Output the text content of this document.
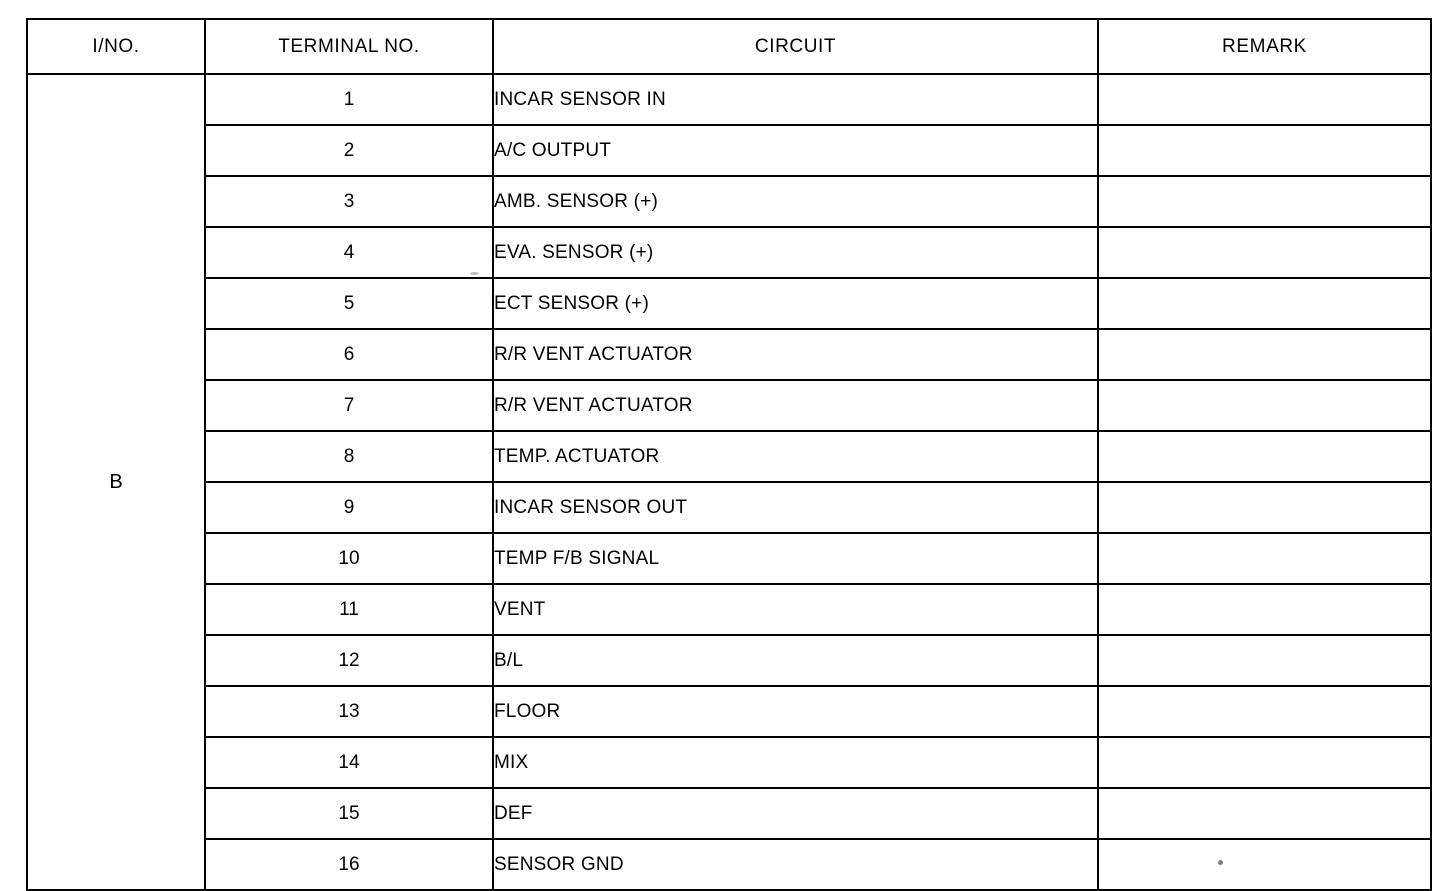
I/NO.	TERMINAL NO.	CIRCUIT	REMARK
B	1	INCAR SENSOR IN	
	2	A/C OUTPUT	
	3	AMB. SENSOR (+)	
	4	EVA. SENSOR (+)	
	5	ECT SENSOR (+)	
	6	R/R VENT ACTUATOR	
	7	R/R VENT ACTUATOR	
	8	TEMP. ACTUATOR	
	9	INCAR SENSOR OUT	
	10	TEMP F/B SIGNAL	
	11	VENT	
	12	B/L	
	13	FLOOR	
	14	MIX	
	15	DEF	
	16	SENSOR GND	
